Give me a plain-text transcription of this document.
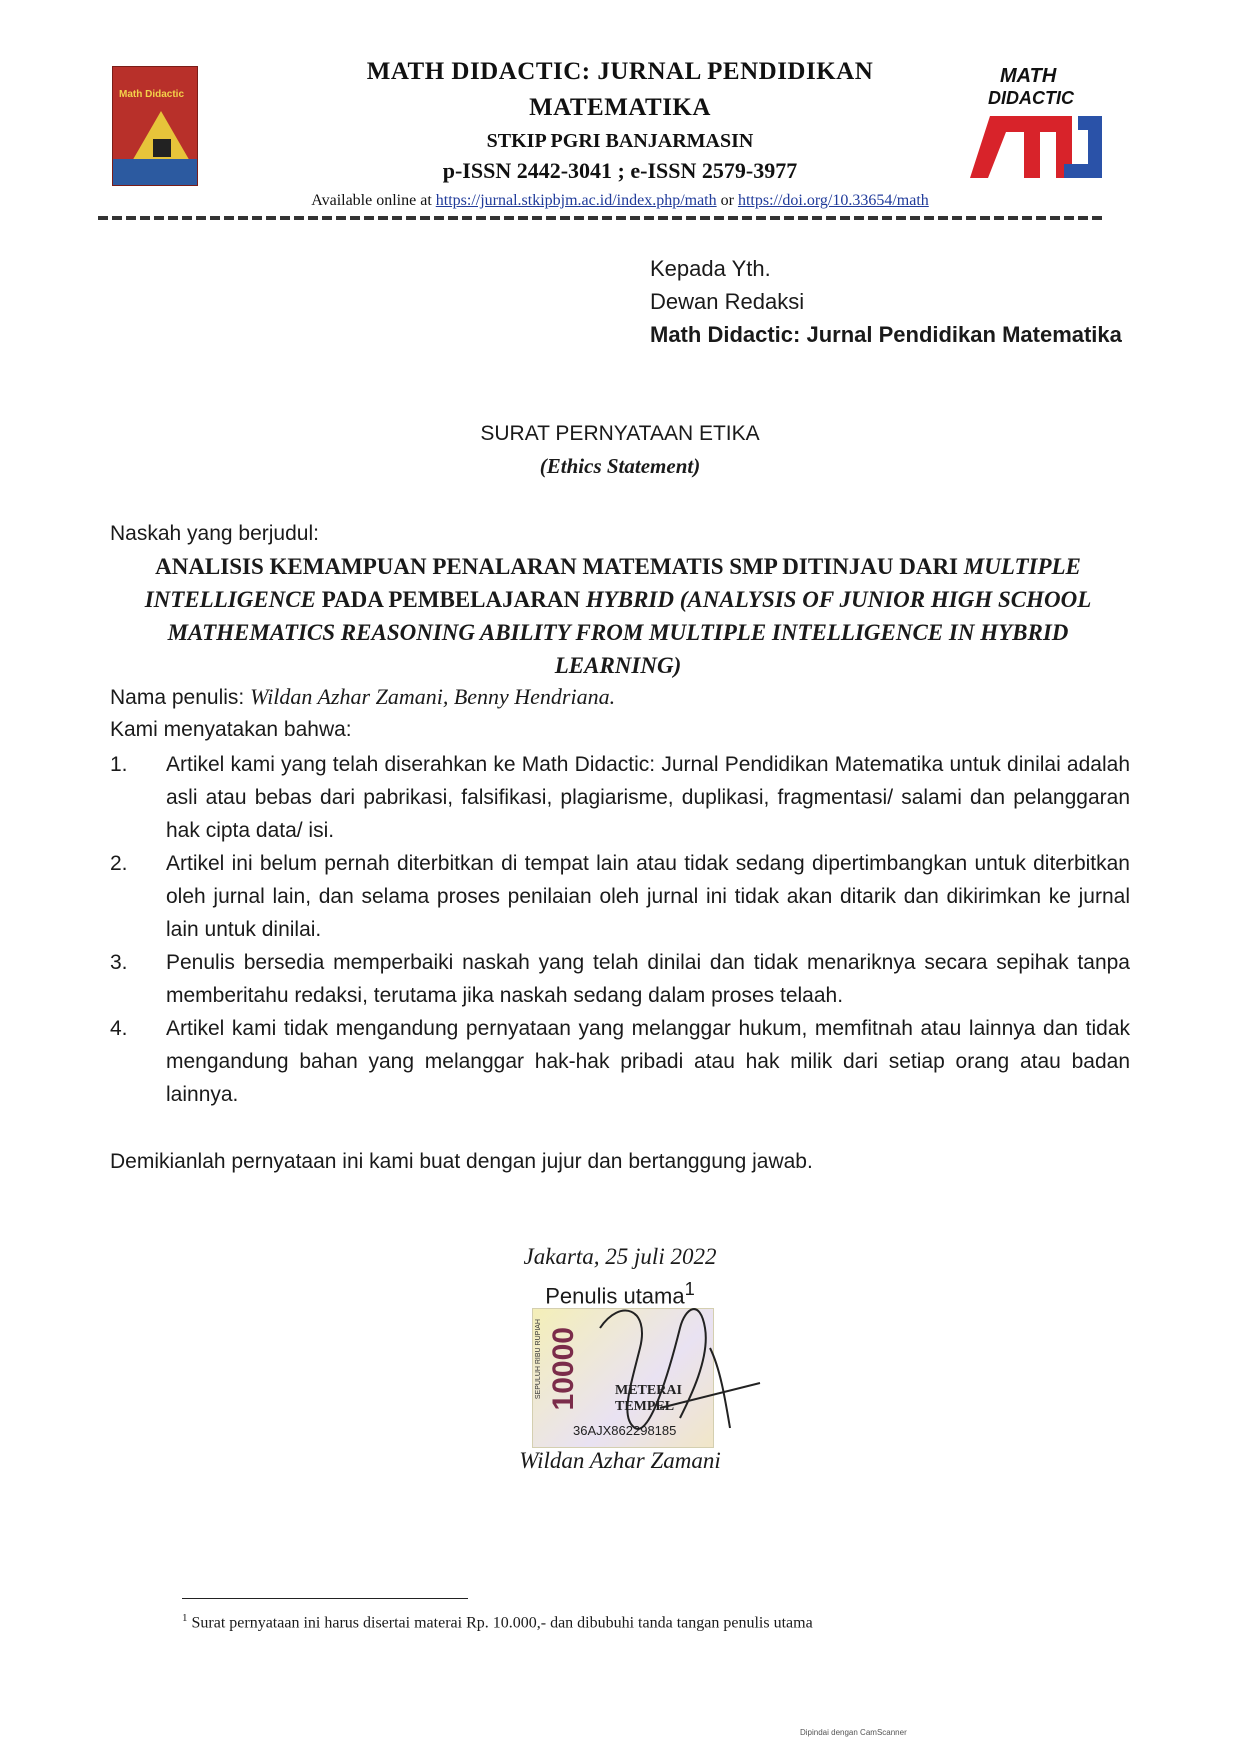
Math Didactic
MATH DIDACTIC: JURNAL PENDIDIKAN
MATEMATIKA
STKIP PGRI BANJARMASIN
p-ISSN 2442-3041 ; e-ISSN 2579-3977
Available online at https://jurnal.stkipbjm.ac.id/index.php/math or https://doi.org/10.33654/math
MATH
DIDACTIC
Kepada Yth.
Dewan Redaksi
Math Didactic: Jurnal Pendidikan Matematika
SURAT PERNYATAAN ETIKA
(Ethics Statement)
Naskah yang berjudul:
ANALISIS KEMAMPUAN PENALARAN MATEMATIS SMP DITINJAU DARI MULTIPLE INTELLIGENCE PADA PEMBELAJARAN HYBRID (ANALYSIS OF JUNIOR HIGH SCHOOL MATHEMATICS REASONING ABILITY FROM MULTIPLE INTELLIGENCE IN HYBRID LEARNING)
Nama penulis: Wildan Azhar Zamani, Benny Hendriana.
Kami menyatakan bahwa:
1. Artikel kami yang telah diserahkan ke Math Didactic: Jurnal Pendidikan Matematika untuk dinilai adalah asli atau bebas dari pabrikasi, falsifikasi, plagiarisme, duplikasi, fragmentasi/ salami dan pelanggaran hak cipta data/ isi.
2. Artikel ini belum pernah diterbitkan di tempat lain atau tidak sedang dipertimbangkan untuk diterbitkan oleh jurnal lain, dan selama proses penilaian oleh jurnal ini tidak akan ditarik dan dikirimkan ke jurnal lain untuk dinilai.
3. Penulis bersedia memperbaiki naskah yang telah dinilai dan tidak menariknya secara sepihak tanpa memberitahu redaksi, terutama jika naskah sedang dalam proses telaah.
4. Artikel kami tidak mengandung pernyataan yang melanggar hukum, memfitnah atau lainnya dan tidak mengandung bahan yang melanggar hak-hak pribadi atau hak milik dari setiap orang atau badan lainnya.
Demikianlah pernyataan ini kami buat dengan jujur dan bertanggung jawab.
Jakarta, 25 juli 2022
Penulis utama$^1$
SEPULUH RIBU RUPIAH 10000	METERAI
TEMPEL
36AJX862298185
Wildan Azhar Zamani
$^1$ Surat pernyataan ini harus disertai materai Rp. 10.000,- dan dibubuhi tanda tangan penulis utama
Dipindai dengan CamScanner
